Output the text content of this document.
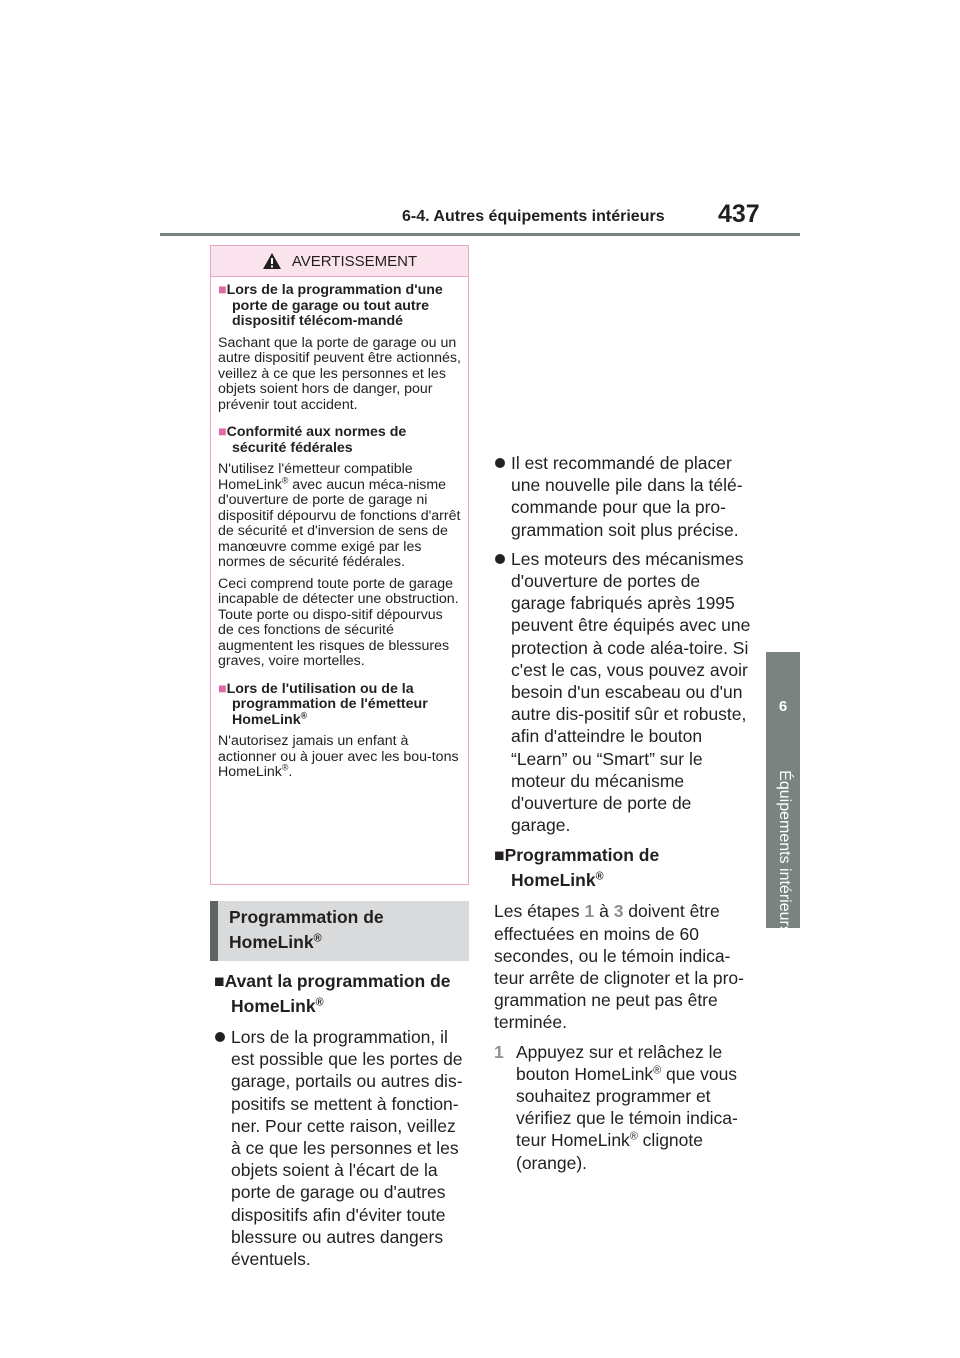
6-4. Autres équipements intérieurs 437
6
Équipements intérieurs
AVERTISSEMENT

■Lors de la programmation d'une porte de garage ou tout autre dispositif télécom-mandé

Sachant que la porte de garage ou un autre dispositif peuvent être actionnés, veillez à ce que les personnes et les objets soient hors de danger, pour prévenir tout accident.

■Conformité aux normes de sécurité fédérales

N'utilisez l'émetteur compatible HomeLink® avec aucun méca-nisme d'ouverture de porte de garage ni dispositif dépourvu de fonctions d'arrêt de sécurité et d'inversion de sens de manœuvre comme exigé par les normes de sécurité fédérales.

Ceci comprend toute porte de garage incapable de détecter une obstruction. Toute porte ou dispo-sitif dépourvus de ces fonctions de sécurité augmentent les risques de blessures graves, voire mortelles.

■Lors de l'utilisation ou de la programmation de l'émetteur HomeLink®

N'autorisez jamais un enfant à actionner ou à jouer avec les bou-tons HomeLink®.

Programmation de HomeLink®

■Avant la programmation de HomeLink®

Lors de la programmation, il est possible que les portes de garage, portails ou autres dis-positifs se mettent à fonction-ner. Pour cette raison, veillez à ce que les personnes et les objets soient à l'écart de la porte de garage ou d'autres dispositifs afin d'éviter toute blessure ou autres dangers éventuels.

Il est recommandé de placer une nouvelle pile dans la télé-commande pour que la pro-grammation soit plus précise.

Les moteurs des mécanismes d'ouverture de portes de garage fabriqués après 1995 peuvent être équipés avec une protection à code aléa-toire. Si c'est le cas, vous pouvez avoir besoin d'un escabeau ou d'un autre dis-positif sûr et robuste, afin d'atteindre le bouton “Learn” ou “Smart” sur le moteur du mécanisme d'ouverture de porte de garage.

■Programmation de HomeLink®

Les étapes 1 à 3 doivent être effectuées en moins de 60 secondes, ou le témoin indica-teur arrête de clignoter et la pro-grammation ne peut pas être terminée.

1 Appuyez sur et relâchez le bouton HomeLink® que vous souhaitez programmer et vérifiez que le témoin indica-teur HomeLink® clignote (orange).
